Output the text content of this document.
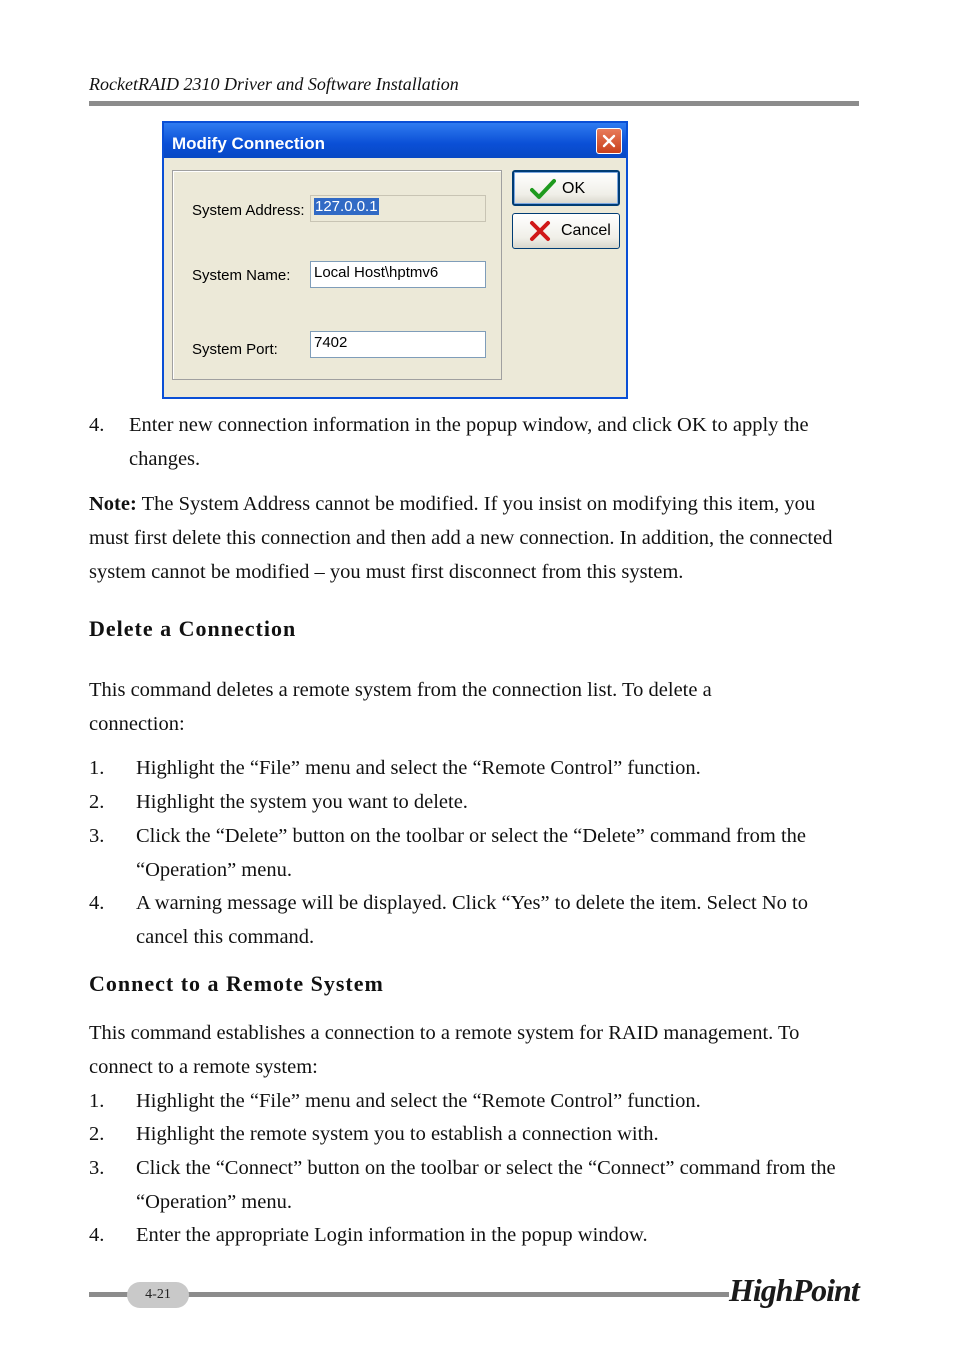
RocketRAID 2310 Driver and Software Installation
Modify Connection
System Address: 127.0.0.1
System Name: Local Host\hptmv6
System Port: 7402
OK
Cancel
4. Enter new connection information in the popup window, and click OK to apply the changes.
Note: The System Address cannot be modified. If you insist on modifying this item, you must first delete this connection and then add a new connection. In addition, the connected system cannot be modified – you must first disconnect from this system.
Delete a Connection
This command deletes a remote system from the connection list. To delete a connection:
1. Highlight the “File” menu and select the “Remote Control” function.
2. Highlight the system you want to delete.
3. Click the “Delete” button on the toolbar or select the “Delete” command from the “Operation” menu.
4. A warning message will be displayed. Click “Yes” to delete the item. Select No to cancel this command.
Connect to a Remote System
This command establishes a connection to a remote system for RAID management. To connect to a remote system:
1. Highlight the “File” menu and select the “Remote Control” function.
2. Highlight the remote system you to establish a connection with.
3. Click the “Connect” button on the toolbar or select the “Connect” command from the “Operation” menu.
4. Enter the appropriate Login information in the popup window.
4-21	HighPoint
